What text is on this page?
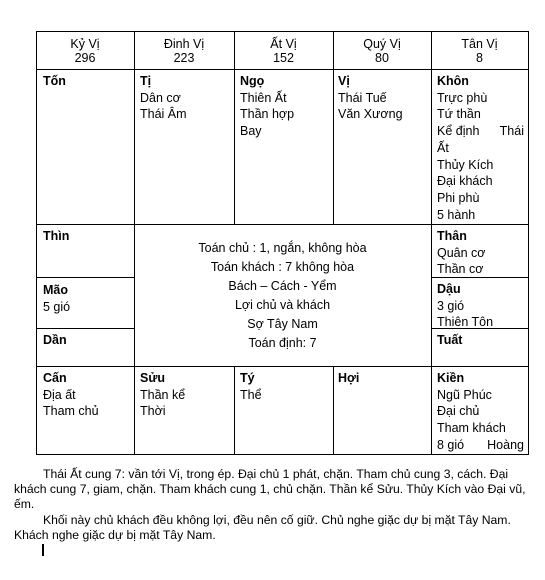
Kỷ Vị
296
Đinh Vị
223
Ất Vị
152
Quý Vị
80
Tân Vị
8
Tốn	Tị
Dân cơ
Thái Âm
Ngọ
Thiên Ất
Thần hợp
Bay
Vị
Thái Tuế
Văn Xương
Khôn
Trực phù
Tứ thần
Kể định Thái
Ất
Thủy Kích
Đại khách
Phi phù
5 hành
Thìn
Mão
5 gió
Dần
Thân
Quân cơ
Thần cơ
Dậu
3 gió
Thiên Tôn
Tuất
Toán chủ : 1, ngắn, không hòa
Toán khách : 7 không hòa
Bách – Cách - Yểm
Lợi chủ và khách
Sợ Tây Nam
Toán định: 7
Cấn
Địa ất
Tham chủ
Sửu
Thần kể
Thời
Tý
Thể
Hợi	Kiền
Ngũ Phúc
Đại chủ
Tham khách
8 gió Hoàng
Thái Ất cung 7: vần tới Vị, trong ép. Đại chủ 1 phát, chặn. Tham chủ cung 3, cách. Đại khách cung 7, giam, chặn. Tham khách cung 1, chủ chặn. Thần kể Sửu. Thủy Kích vào Đại vũ, ếm.
Khối này chủ khách đều không lợi, đều nên cố giữ. Chủ nghe giặc dự bị mặt Tây Nam. Khách nghe giặc dự bị mặt Tây Nam.
